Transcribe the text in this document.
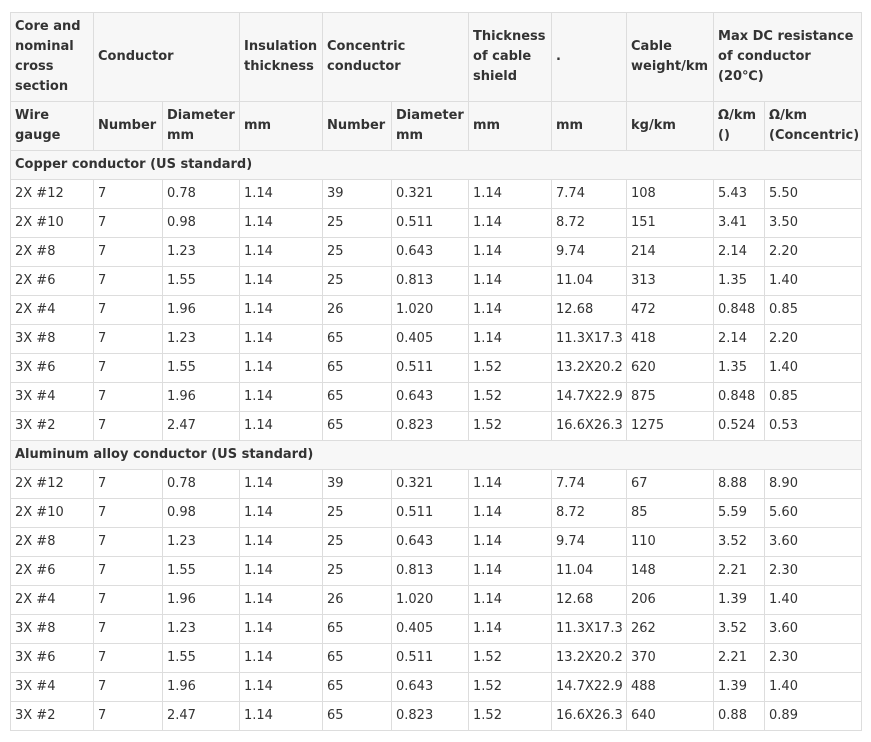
Core and nominal cross section	Conductor		Insulation thickness	Concentric conductor		Thickness of cable shield	.	Cable weight/km	Max DC resistance of conductor (20℃)	
Wire gauge	Number	Diameter mm	mm	Number	Diameter mm	mm	mm	kg/km	Ω/km ()	Ω/km (Concentric)
Copper conductor (US standard)										
2X #12	7	0.78	1.14	39	0.321	1.14	7.74	108	5.43	5.50
2X #10	7	0.98	1.14	25	0.511	1.14	8.72	151	3.41	3.50
2X #8	7	1.23	1.14	25	0.643	1.14	9.74	214	2.14	2.20
2X #6	7	1.55	1.14	25	0.813	1.14	11.04	313	1.35	1.40
2X #4	7	1.96	1.14	26	1.020	1.14	12.68	472	0.848	0.85
3X #8	7	1.23	1.14	65	0.405	1.14	11.3X17.3	418	2.14	2.20
3X #6	7	1.55	1.14	65	0.511	1.52	13.2X20.2	620	1.35	1.40
3X #4	7	1.96	1.14	65	0.643	1.52	14.7X22.9	875	0.848	0.85
3X #2	7	2.47	1.14	65	0.823	1.52	16.6X26.3	1275	0.524	0.53
Aluminum alloy conductor (US standard)										
2X #12	7	0.78	1.14	39	0.321	1.14	7.74	67	8.88	8.90
2X #10	7	0.98	1.14	25	0.511	1.14	8.72	85	5.59	5.60
2X #8	7	1.23	1.14	25	0.643	1.14	9.74	110	3.52	3.60
2X #6	7	1.55	1.14	25	0.813	1.14	11.04	148	2.21	2.30
2X #4	7	1.96	1.14	26	1.020	1.14	12.68	206	1.39	1.40
3X #8	7	1.23	1.14	65	0.405	1.14	11.3X17.3	262	3.52	3.60
3X #6	7	1.55	1.14	65	0.511	1.52	13.2X20.2	370	2.21	2.30
3X #4	7	1.96	1.14	65	0.643	1.52	14.7X22.9	488	1.39	1.40
3X #2	7	2.47	1.14	65	0.823	1.52	16.6X26.3	640	0.88	0.89
